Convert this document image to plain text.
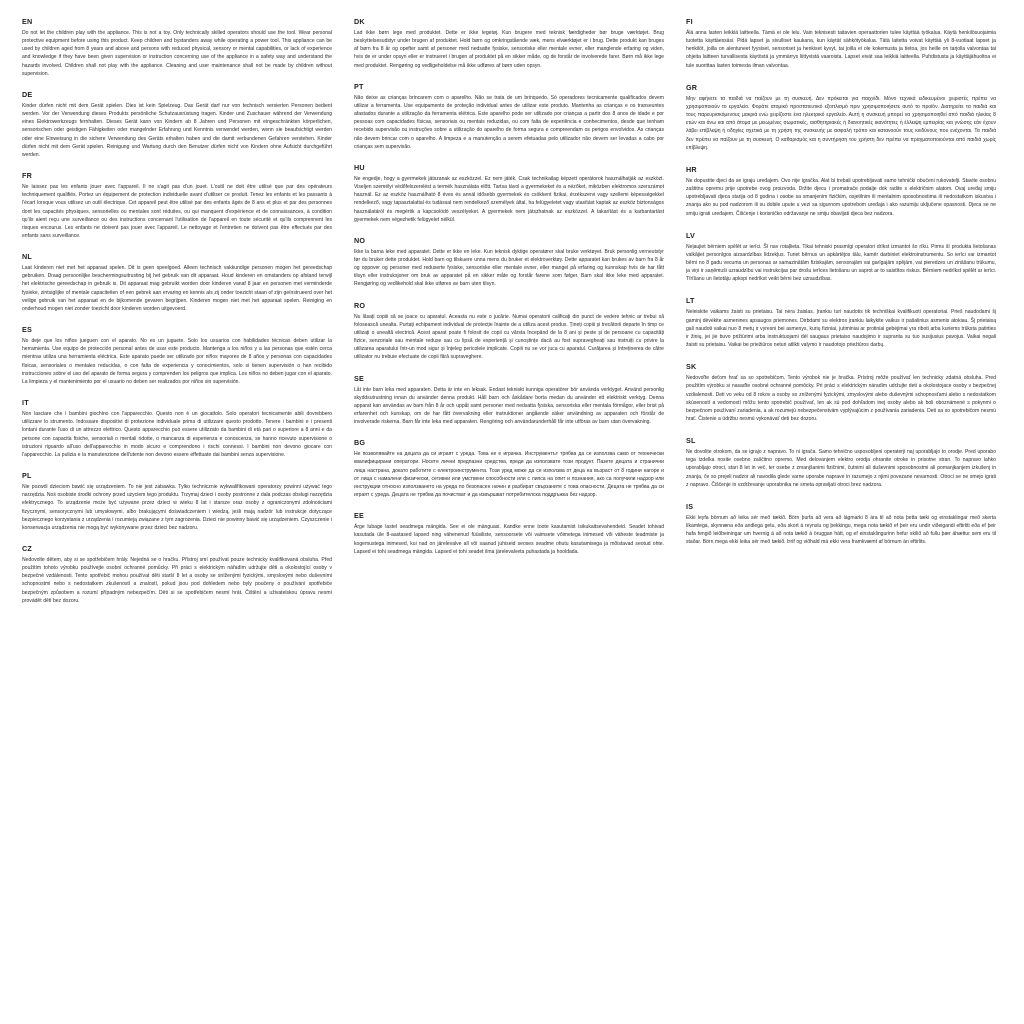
EN
Do not let the children play with the appliance. This is not a toy. Only technically skilled operators should use the tool. Wear personal protective equipment before using this product. Keep children and bystanders away while operating a power tool. This appliance can be used by children aged from 8 years and above and persons with reduced physical, sensory or mental capabilities, or lack of experience and knowledge if they have been given supervision or instruction concerning use of the appliance in a safety way and understand the hazards involved. Children shall not play with the appliance. Cleaning and user maintenance shall not be made by children without supervision.
DE
Kinder dürfen nicht mit dem Gerät spielen. Dies ist kein Spielzeug. Das Gerät darf nur von technisch versierten Personen bedient werden. Vor der Verwendung dieses Produkts persönliche Schutzausrüstung tragen. Kinder und Zuschauer während der Verwendung eines Elektrowerkzeugs fernhalten. Dieses Gerät kann von Kindern ab 8 Jahren und Personen mit eingeschränkten körperlichen, sensorischen oder geistigen Fähigkeiten oder mangelnder Erfahrung und Kenntnis verwendet werden, wenn sie beaufsichtigt werden oder eine Einweisung in die sichere Verwendung des Geräts erhalten haben und die damit verbundenen Gefahren verstehen. Kinder dürfen nicht mit dem Gerät spielen. Reinigung und Wartung durch den Benutzer dürfen nicht von Kindern ohne Aufsicht durchgeführt werden.
FR
Ne laissez pas les enfants jouer avec l'appareil. Il ne s'agit pas d'un jouet. L'outil ne doit être utilisé que par des opérateurs techniquement qualifiés. Portez un équipement de protection individuelle avant d'utiliser ce produit. Tenez les enfants et les passants à l'écart lorsque vous utilisez un outil électrique. Cet appareil peut être utilisé par des enfants âgés de 8 ans et plus et par des personnes dont les capacités physiques, sensorielles ou mentales sont réduites, ou qui manquent d'expérience et de connaissances, à condition qu'ils aient reçu une surveillance ou des instructions concernant l'utilisation de l'appareil en toute sécurité et qu'ils comprennent les risques encourus. Les enfants ne doivent pas jouer avec l'appareil. Le nettoyage et l'entretien ne doivent pas être effectués par des enfants sans surveillance.
NL
Laat kinderen niet met het apparaat spelen. Dit is geen speelgoed. Alleen technisch vakkundige personen mogen het gereedschap gebruiken. Draag persoonlijke beschermingsuitrusting bij het gebruik van dit apparaat. Houd kinderen en omstanders op afstand terwijl het elektrische gereedschap in gebruik is. Dit apparaat mag gebruikt worden door kinderen vanaf 8 jaar en personen met verminderde fysieke, zintuiglijke of mentale capaciteiten of een gebrek aan ervaring en kennis als zij onder toezicht staan of zijn geïnstrueerd over het veilige gebruik van het apparaat en de bijkomende gevaren begrijpen. Kinderen mogen niet met het apparaat spelen. Reiniging en onderhoud mogen niet zonder toezicht door kinderen worden uitgevoerd.
ES
No deje que los niños jueguen con el aparato. No es un juguete. Solo los usuarios con habilidades técnicas deben utilizar la herramienta. Use equipo de protección personal antes de usar este producto. Mantenga a los niños y a las personas que estén cerca mientras utiliza una herramienta eléctrica. Este aparato puede ser utilizado por niños mayores de 8 años y personas con capacidades físicas, sensoriales o mentales reducidas, o con falta de experiencia y conocimientos, solo si tienen supervisión o han recibido instrucciones sobre el uso del aparato de forma segura y comprenden los peligros que implica. Los niños no deben jugar con el aparato. La limpieza y el mantenimiento por el usuario no deben ser realizados por niños sin supervisión.
IT
Non lasciare che i bambini giochino con l'apparecchio. Questo non è un giocattolo. Solo operatori tecnicamente abili dovrebbero utilizzare lo strumento. Indossare dispositivi di protezione individuale prima di utilizzare questo prodotto. Tenere i bambini e i presenti lontani durante l'uso di un attrezzo elettrico. Questo apparecchio può essere utilizzato da bambini di età pari o superiore a 8 anni e da persone con capacità fisiche, sensoriali o mentali ridotte, o mancanza di esperienza e conoscenza, se hanno ricevuto supervisione o istruzioni riguardo all'uso dell'apparecchio in modo sicuro e comprendono i rischi connessi. I bambini non devono giocare con l'apparecchio. La pulizia e la manutenzione dell'utente non devono essere effettuate dai bambini senza supervisione.
PL
Nie pozwól dzieciom bawić się urządzeniem. To nie jest zabawka. Tylko technicznie wykwalifikowani operatorzy powinni używać tego narzędzia. Noś osobiste środki ochrony przed użyciem tego produktu. Trzymaj dzieci i osoby postronne z dala podczas obsługi narzędzia elektrycznego. To urządzenie może być używane przez dzieci w wieku 8 lat i starsze oraz osoby z ograniczonymi zdolnościami fizycznymi, sensorycznymi lub umysłowymi, albo brakującymi doświadczeniem i wiedzą, jeśli mają nadzór lub instrukcje dotyczące bezpiecznego korzystania z urządzenia i rozumieją związane z tym zagrożenia. Dzieci nie powinny bawić się urządzeniem. Czyszczenie i konserwacja urządzenia nie mogą być wykonywane przez dzieci bez nadzoru.
CZ
Nedovolte dětem, aby si se spotřebičem hrály. Nejedná se o hračku. Přístroj smí používat pouze technicky kvalifikovaná obsluha. Před použitím tohoto výrobku používejte osobní ochranné pomůcky. Při práci s elektrickým nářadím udržujte děti a okolostojící osoby v bezpečné vzdálenosti. Tento spotřebič mohou používat děti starší 8 let a osoby se sníženými fyzickými, smyslovými nebo duševními schopnostmi nebo s nedostatkem zkušeností a znalostí, pokud jsou pod dohledem nebo byly poučeny o používání spotřebiče bezpečným způsobem a rozumí případným nebezpečím. Děti si se spotřebičem nesmí hrát. Čištění a uživatelskou úpravu nesmí provádět děti bez dozoru.
DK
Lad ikke børn lege med produktet. Dette er ikke legetøj. Kun brugere med teknisk færdigheder bør bruge værktøjet. Brug beskyttelsesudstyr under brugen af produktet. Hold børn og omkringstående væk, mens elværktøjet er i brug. Dette produkt kan bruges af børn fra 8 år og opefter samt af personer med nedsatte fysiske, sensoriske eller mentale evner, eller manglende erfaring og viden, hvis de er under opsyn eller er instrueret i brugen af produktet på en sikker måde, og de forstår de involverede farer. Børn må ikke lege med produktet. Rengøring og vedligeholdelse må ikke udføres af børn uden opsyn.
PT
Não deixe as crianças brincarem com o aparelho. Não se trata de um brinquedo. Só operadores tecnicamente qualificados devem utilizar a ferramenta. Use equipamento de proteção individual antes de utilizar este produto. Mantenha as crianças e os transeuntes afastados durante a utilização da ferramenta elétrica. Este aparelho pode ser utilizado por crianças a partir dos 8 anos de idade e por pessoas com capacidades físicas, sensoriais ou mentais reduzidas, ou com falta de experiência e conhecimentos, desde que tenham recebido supervisão ou instruções sobre a utilização do aparelho de forma segura e compreendam os perigos envolvidos. As crianças não devem brincar com o aparelho. A limpeza e a manutenção a serem efetuadas pelo utilizador não devem ser levadas a cabo por crianças sem supervisão.
HU
Ne engedje, hogy a gyermekek játszanak az eszközzel. Ez nem játék. Csak technikailag képzett operátorok használhatják az eszközt. Viseljen személyi védőfelszerelést a termék használata előtt. Tartsa távol a gyermekeket és a nézőket, miközben elektromos szerszámot használ. Ez az eszköz használható 8 éves és annál idősebb gyermekek és csökkent fizikai, érzékszervi vagy szellemi képességekkel rendelkező, vagy tapasztalattal és tudással nem rendelkező személyek által, ha felügyeletet vagy utasítást kaptak az eszköz biztonságos használatáról és megértik a kapcsolódó veszélyeket. A gyermekek nem játszhatnak az eszközzel. A takarítást és a karbantartást gyermekek nem végezhetik felügyelet nélkül.
NO
Ikke la barna leke med apparatet. Dette er ikke en leke. Kun teknisk dyktige operatører skal bruke verktøyet. Bruk personlig verneutstyr før du bruker dette produktet. Hold barn og tilskuere unna mens du bruker et elektroverktøy. Dette apparatet kan brukes av barn fra 8 år og oppover og personer med reduserte fysiske, sensoriske eller mentale evner, eller mangel på erfaring og kunnskap hvis de har fått tilsyn eller instruksjoner om bruk av apparatet på en sikker måte og forstår farene som følger. Barn skal ikke leke med apparatet. Rengjøring og vedlikehold skal ikke utføres av barn uten tilsyn.
RO
Nu lăsați copiii să se joace cu aparatul. Aceasta nu este o jucărie. Numai operatorii calificați din punct de vedere tehnic ar trebui să folosească unealta. Purtați echipament individual de protecție înainte de a utiliza acest produs. Țineți copiii și trecătorii departe în timp ce utilizați o unealtă electrică. Acest aparat poate fi folosit de copii cu vârsta începând de la 8 ani și peste și de persoane cu capacități fizice, senzoriale sau mentale reduse sau cu lipsă de experiență și cunoștințe dacă au fost supravegheați sau instruiți cu privire la utilizarea aparatului într-un mod sigur și înțeleg pericolele implicate. Copiii nu se vor juca cu aparatul. Curățarea și întreținerea de către utilizator nu trebuie efectuate de copii fără supraveghere.
SE
Låt inte barn leka med apparaten. Detta är inte en leksak. Endast tekniskt kunniga operatörer bör använda verktyget. Använd personlig skyddsutrustning innan du använder denna produkt. Håll barn och åskådare borta medan du använder ett elektriskt verktyg. Denna apparat kan användas av barn från 8 år och uppåt samt personer med nedsatta fysiska, sensoriska eller mentala förmågor, eller brist på erfarenhet och kunskap, om de har fått övervakning eller instruktioner angående säker användning av apparaten och förstår de involverade riskerna. Barn får inte leka med apparaten. Rengöring och användarunderhåll får inte utföras av barn utan övervakning.
BG
Не позволявайте на децата да си играят с уреда. Това не е играчка. Инструментът трябва да се използва само от технически квалифицирани оператори. Носете лични предпазни средства, преди да използвате този продукт. Пазете децата и странични лица настрана, докато работите с електроинструмента. Този уред може да се използва от деца на възраст от 8 години нагоре и от лица с намалени физически, сетивни или умствени способности или с липса на опит и познания, ако са получили надзор или инструкции относно използването на уреда по безопасен начин и разбират свързаните с това опасности. Децата не трябва да си играят с уреда. Децата не трябва да почистват и да извършват потребителска поддръжка без надзор.
EE
Ärge lubage lastel seadmega mängida. See ei ole mänguasi. Kandke enne toote kasutamist isikukaitsevahendeid. Seadet tohivad kasutada üle 8-aastased lapsed ning vähenenud füüsiliste, sensoorsete või vaimsete võimetega inimesed või väheste teadmiste ja kogemustega inimesed, kui nad on järelevalve all või saanud juhiseid seoses seadme ohutu kasutamisega ja mõistavad seotud ohte. Lapsed ei tohi seadmega mängida. Lapsed ei tohi seadet ilma järelevalveta puhastada ja hooldada.
FI
Älä anna lasten leikkiä laitteella. Tämä ei ole lelu. Vain teknisesti taitavien operaattorien tulee käyttää työkalua. Käytä henkilösuojaimia tuotetta käyttäessäsi. Pidä lapset ja sivulliset kaukana, kun käytät sähkötyökalua. Tätä laitetta voivat käyttää yli 8-vuotiaat lapset ja henkilöt, joilla on alentuneet fyysiset, sensoriset ja henkiset kyvyt, tai joilla ei ole kokemusta ja tietoa, jos heille on tarjolla valvontaa tai ohjeita laitteen turvallisesta käytöstä ja ymmärrys liittyvistä vaaroista. Lapset eivät saa leikkiä laitteella. Puhdistusta ja käyttäjähuoltoa ei tule suorittaa lasten toimesta ilman valvontaa.
GR
Μην αφήνετε τα παιδιά να παίζουν με τη συσκευή. Δεν πρόκειται για παιχνίδι. Μόνο τεχνικά ειδικευμένοι χειριστές πρέπει να χρησιμοποιούν το εργαλείο. Φοράτε ατομικό προστατευτικό εξοπλισμό πριν χρησιμοποιήσετε αυτό το προϊόν. Διατηρείτε τα παιδιά και τους παρευρισκόμενους μακριά ενώ χειρίζεστε ένα ηλεκτρικό εργαλείο. Αυτή η συσκευή μπορεί να χρησιμοποιηθεί από παιδιά ηλικίας 8 ετών και άνω και από άτομα με μειωμένες σωματικές, αισθητηριακές ή διανοητικές ικανότητες ή έλλειψη εμπειρίας και γνώσης εάν έχουν λάβει επίβλεψη ή οδηγίες σχετικά με τη χρήση της συσκευής με ασφαλή τρόπο και κατανοούν τους κινδύνους που ενέχονται. Τα παιδιά δεν πρέπει να παίζουν με τη συσκευή. Ο καθαρισμός και η συντήρηση του χρήστη δεν πρέπει να πραγματοποιούνται από παιδιά χωρίς επίβλεψη.
HR
Ne dopustite djeci da se igraju uređajem. Ovo nije igračka. Alat bi trebali upotrebljavati samo tehnički obučeni rukovatelji. Stavite osobnu zaštitnu opremu prije upotrebe ovog proizvoda. Držite djecu i promatrače podalje dok radite s električnim alatom. Ovaj uređaj smiju upotrebljavati djeca starija od 8 godina i osobe sa smanjenim fizičkim, osjetilnim ili mentalnim sposobnostima ili nedostatkom iskustva i znanja ako su pod nadzorom ili su dobile upute u vezi sa sigurnom upotrebom uređaja i ako razumiju uključene opasnosti. Djeca se ne smiju igrati uređajem. Čišćenje i korisničko održavanje ne smiju obavljati djeca bez nadzora.
LV
Neļaujiet bērniem spēlēt ar ierīci. Šī nav rotaļlieta. Tikai tehniski prasmīgi operatori drīkst izmantot šo rīku. Pirms šī produkta lietošanas valkājiet personīgos aizsardzības līdzekļus. Turiet bērnus un apkārtējos tālu, kamēr darbiniet elektroinstrumentu. So ierīci var izmantot bērni no 8 gadu vecuma un personas ar samazinātām fiziskajām, sensorajām vai garīgajām spējām, vai pieredzes un zināšanu trūkumu, ja viņi ir saņēmuši uzraudzību vai instrukcijas par drošu ierīces lietošanu un saprot ar to saistītos riskus. Bērniem nedrīkst spēlēt ar ierīci. Tīrīšanu un lietotāju apkopi nedrīkst veikt bērni bez uzraudzības.
LT
Neleiskite vaikams žaisti su prietaisu. Tai nėra žaislas. Įrankiu turi naudotis tik techniškai kvalifikuoti operatoriai. Prieš naudodami šį gaminį dėvėkite asmenines apsaugos priemones. Dirbdami su elektros įrankiu laikykite vaikus ir pašalinius asmenis atokiau. Šį prietaisą gali naudoti vaikai nuo 8 metų ir vyresni bei asmenys, kurių fiziniai, jutiminiai ar protiniai gebėjimai yra riboti arba kuriems trūksta patirties ir žinių, jei jie buvo prižiūrimi arba instruktuojami dėl saugaus prietaiso naudojimo ir supranta su tuo susijusius pavojus. Vaikai negali žaisti su prietaisu. Vaikai be priežiūros neturi atlikti valymo ir naudotojo priežiūros darbų.
SK
Nedovoľte deťom hrať sa so spotrebičom. Tento výrobok nie je hračka. Prístroj môže používať len technicky zdatná obsluha. Pred použitím výrobku si nasaďte osobné ochranné pomôcky. Pri práci s elektrickým náradím udržujte deti a okolostojace osoby v bezpečnej vzdialenosti. Deti vo veku od 8 rokov a osoby so zníženými fyzickými, zmyslovými alebo duševnými schopnosťami alebo s nedostatkom skúseností a vedomostí môžu tento spotrebič používať, len ak sú pod dohľadom inej osoby alebo ak boli oboznámené s pokynmi o bezpečnom používaní zariadenia, a ak rozumejú nebezpečenstvám vyplývajúcim z používania zariadenia. Deti sa so spotrebičom nesmú hrať. Čistenie a údržbu nesmú vykonávať deti bez dozoru.
SL
Ne dovolite otrokom, da se igrajo z napravo. To ni igrača. Samo tehnično usposobljeni operaterji naj uporabljajo to orodje. Pred uporabo tega izdelka nosite osebno zaščitno opremo. Med delovanjem elektro orodja ohranite otroke in prisotne stran. To napravo lahko uporabljajo otroci, stari 8 let in več, ter osebe z zmanjšanimi fizičnimi, čutnimi ali duševnimi sposobnostmi ali pomanjkanjem izkušenj in znanja, če so prejeli nadzor ali navodila glede varne uporabe naprave in razumejo z njimi povezane nevarnosti. Otroci se ne smejo igrati z napravo. Čiščenje in vzdrževanje uporabnika ne smeta opravljati otroci brez nadzora.
IS
Ekki leyfa börnum að leika sér með tækið. Börn þurfa að vera að lágmarki 8 ára til að nota þetta tæki og einstaklingar með skerta líkamlega, skynræna eða andlega getu, eða skort á reynslu og þekkingu, mega nota tækið ef þeir eru undir viðeigandi eftirliti eða ef þeir hafa fengið leiðbeiningar um hvernig á að nota tækið á öruggan hátt, og ef einstaklingurinn hefur skilið að fullu þær áhættur sem eru til staðar. Börn mega ekki leika sér með tækið. Þrif og viðhald má ekki vera framkvæmt af börnum án eftirlits.
